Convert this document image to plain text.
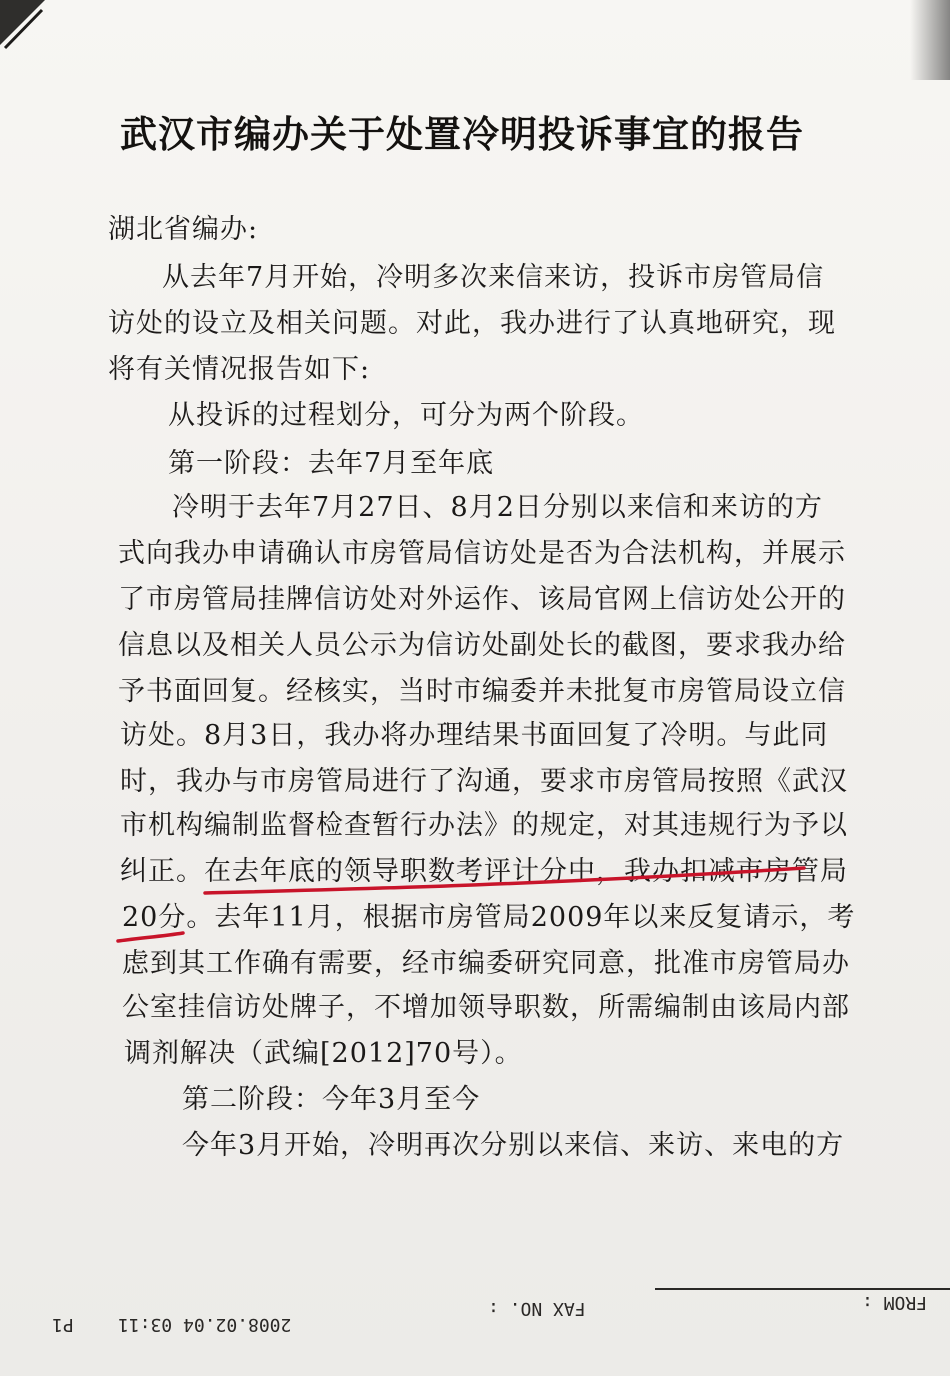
武汉市编办关于处置冷明投诉事宜的报告
湖北省编办:
从去年7月开始，冷明多次来信来访，投诉市房管局信
访处的设立及相关问题。对此，我办进行了认真地研究，现
将有关情况报告如下:
从投诉的过程划分，可分为两个阶段。
第一阶段：去年7月至年底
冷明于去年7月27日、8月2日分别以来信和来访的方
式向我办申请确认市房管局信访处是否为合法机构，并展示
了市房管局挂牌信访处对外运作、该局官网上信访处公开的
信息以及相关人员公示为信访处副处长的截图，要求我办给
予书面回复。经核实，当时市编委并未批复市房管局设立信
访处。8月3日，我办将办理结果书面回复了冷明。与此同
时，我办与市房管局进行了沟通，要求市房管局按照《武汉
市机构编制监督检查暂行办法》的规定，对其违规行为予以
纠正。在去年底的领导职数考评计分中，我办扣减市房管局
20分。去年11月，根据市房管局2009年以来反复请示，考
虑到其工作确有需要，经市编委研究同意，批准市房管局办
公室挂信访处牌子，不增加领导职数，所需编制由该局内部
调剂解决（武编[2012]70号）。
第二阶段：今年3月至今
今年3月开始，冷明再次分别以来信、来访、来电的方
P1 2008.02.04 03:11
FAX NO. :	FROM :
